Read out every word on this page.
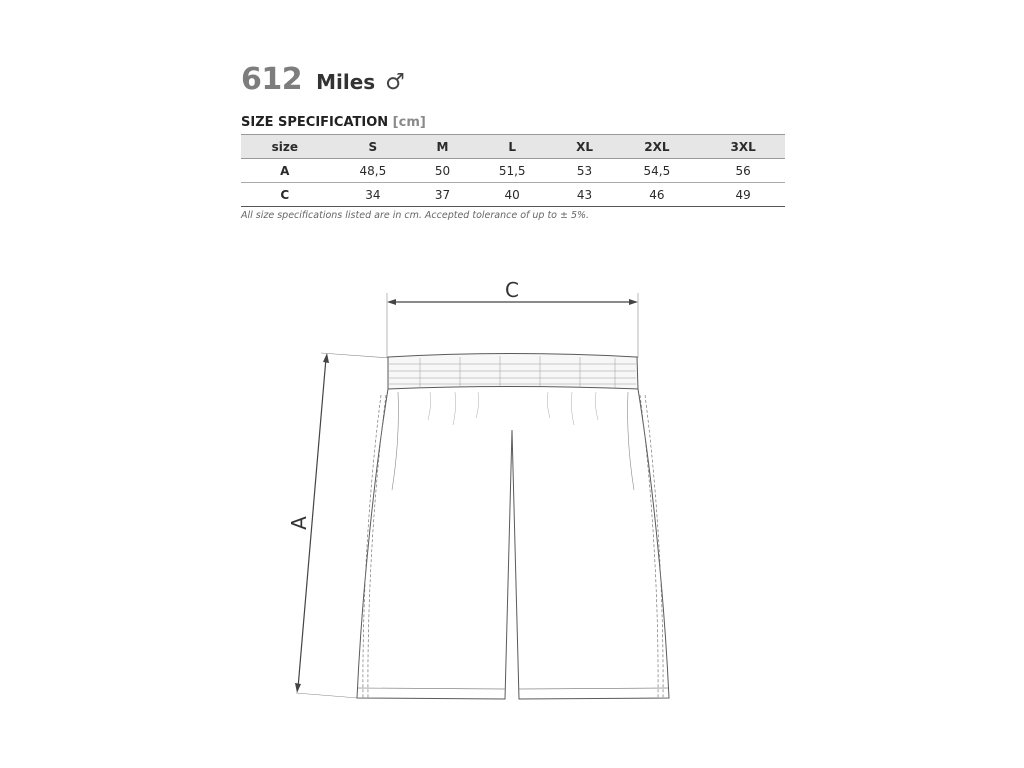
612 Miles ♂
SIZE SPECIFICATION [cm]
size	S	M	L	XL	2XL	3XL
A	48,5	50	51,5	53	54,5	56
C	34	37	40	43	46	49
All size specifications listed are in cm. Accepted tolerance of up to ± 5%.
C
A
